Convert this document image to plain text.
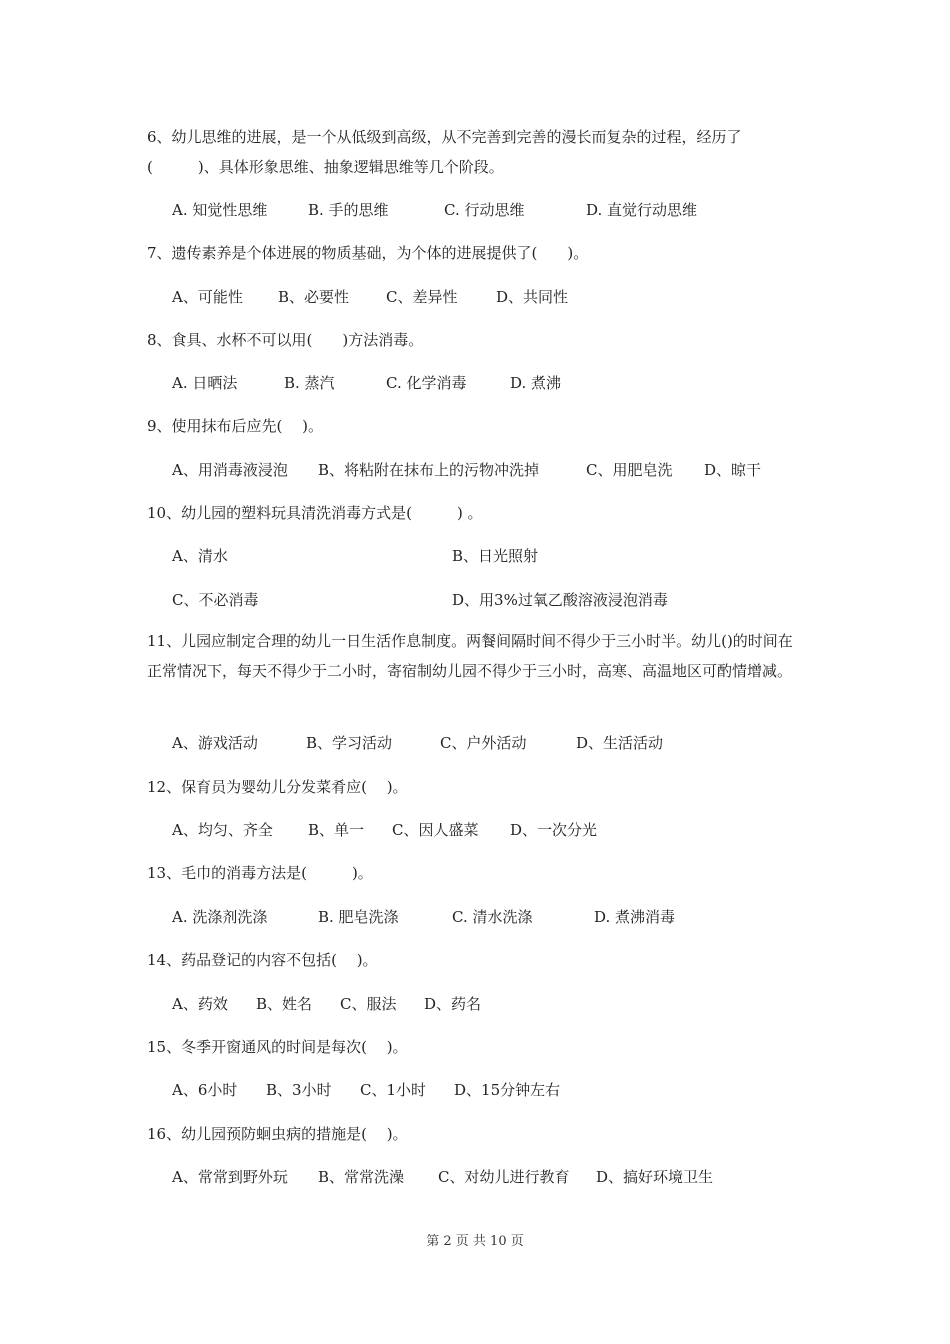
6、幼儿思维的进展，是一个从低级到高级，从不完善到完善的漫长而复杂的过程，经历了(　　　)、具体形象思维、抽象逻辑思维等几个阶段。
A. 知觉性思维	B. 手的思维	C. 行动思维	D. 直觉行动思维
7、遗传素养是个体进展的物质基础，为个体的进展提供了(　　)。
A、可能性 B、必要性 C、差异性	D、共同性
8、食具、水杯不可以用(　　)方法消毒。
A. 日晒法	B. 蒸汽	C. 化学消毒	D. 煮沸
9、使用抹布后应先(　 )。
A、用消毒液浸泡 B、将粘附在抹布上的污物冲洗掉	C、用肥皂洗 D、晾干
10、幼儿园的塑料玩具清洗消毒方式是(　　　) 。
A、清水	B、日光照射
C、不必消毒	D、用3%过氧乙酸溶液浸泡消毒
11、儿园应制定合理的幼儿一日生活作息制度。两餐间隔时间不得少于三小时半。幼儿()的时间在正常情况下，每天不得少于二小时，寄宿制幼儿园不得少于三小时，高寒、高温地区可酌情增减。
A、游戏活动	B、学习活动	C、户外活动	D、生活活动
12、保育员为婴幼儿分发菜肴应(　 )。
A、均匀、齐全 B、单一 C、因人盛菜 D、一次分光
13、毛巾的消毒方法是(　　　)。
A. 洗涤剂洗涤	B. 肥皂洗涤	C. 清水洗涤	D. 煮沸消毒
14、药品登记的内容不包括(　 )。
A、药效 B、姓名 C、服法 D、药名
15、冬季开窗通风的时间是每次(　 )。
A、6小时 B、3小时 C、1小时 D、15分钟左右
16、幼儿园预防蛔虫病的措施是(　 )。
A、常常到野外玩 B、常常洗澡 C、对幼儿进行教育 D、搞好环境卫生
第 2 页 共 10 页
